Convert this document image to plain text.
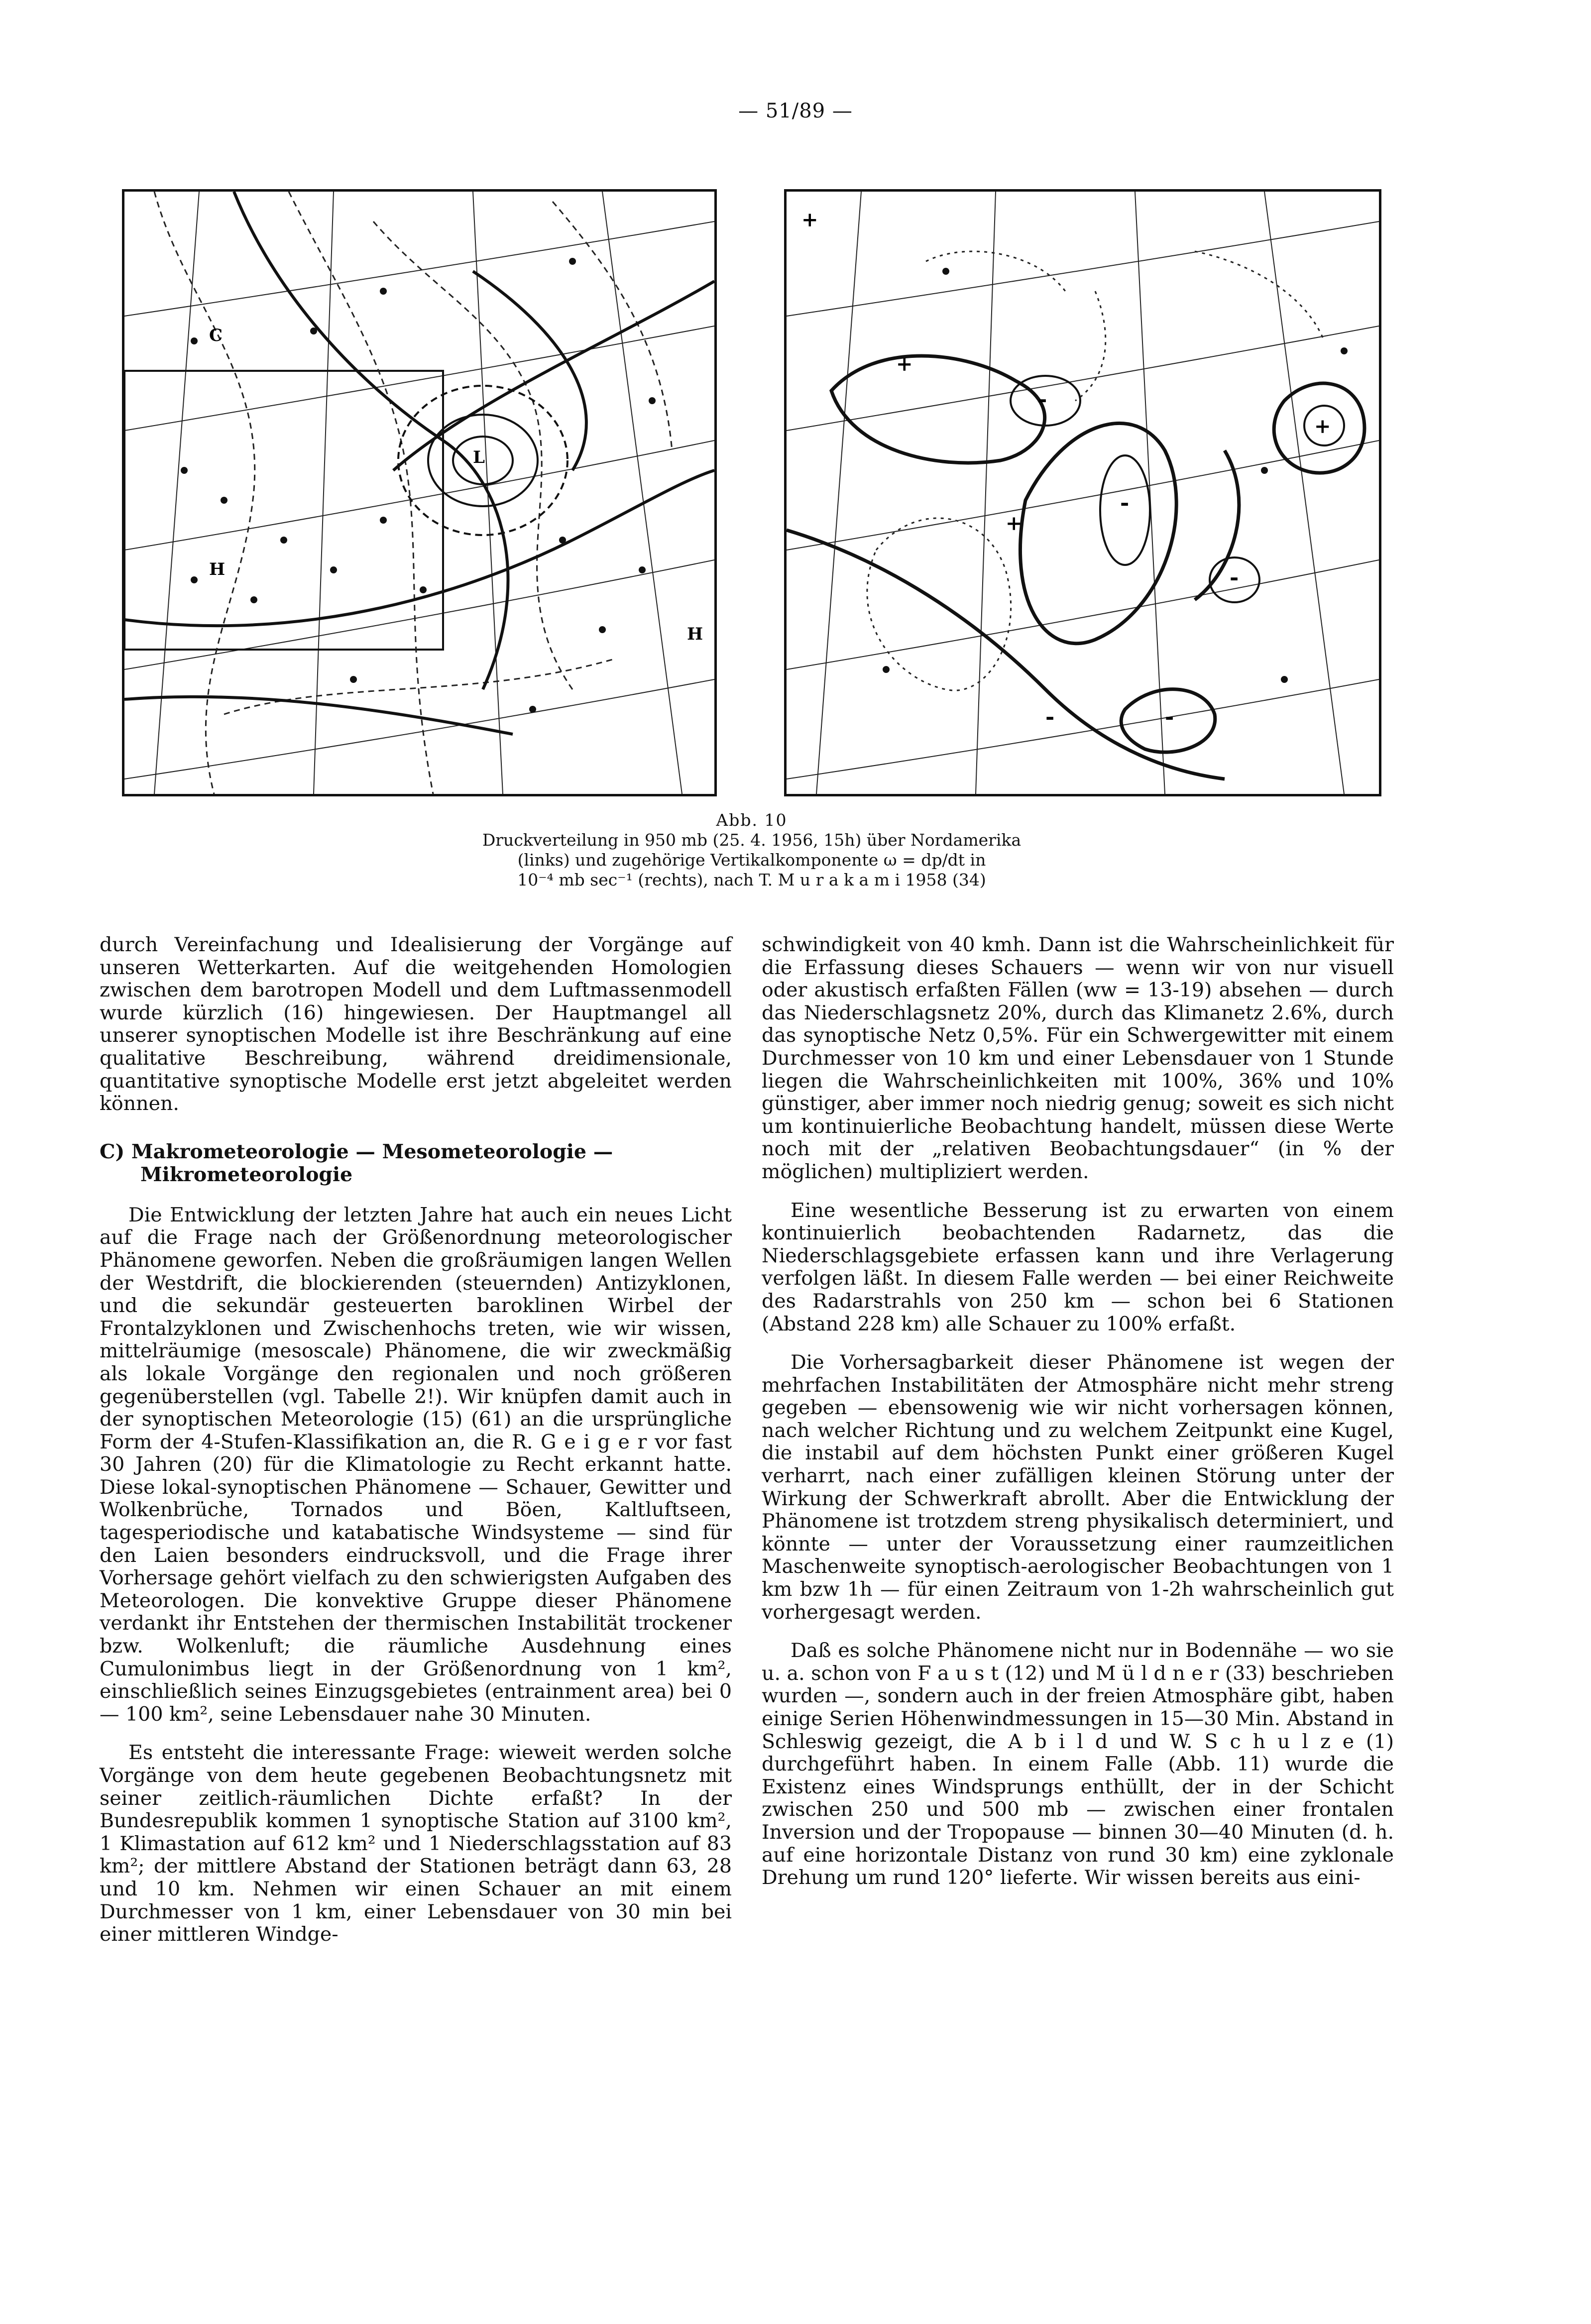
— 51/89 —
H
H
L
C
+
+
+
+
-
-
-
-
-
Abb. 10
Druckverteilung in 950 mb (25. 4. 1956, 15h) über Nordamerika
(links) und zugehörige Vertikalkomponente ω = dp/dt in
10⁻⁴ mb sec⁻¹ (rechts), nach T. M u r a k a m i 1958 (34)

durch Vereinfachung und Idealisierung der Vorgänge auf unseren Wetterkarten. Auf die weitgehenden Homologien zwischen dem barotropen Modell und dem Luftmassenmodell wurde kürzlich (16) hingewiesen. Der Hauptmangel all unserer synoptischen Modelle ist ihre Beschränkung auf eine qualitative Beschreibung, während dreidimensionale, quantitative synoptische Modelle erst jetzt abgeleitet werden können.

C) Makrometeorologie — Mesometeorologie —
Mikrometeorologie

Die Entwicklung der letzten Jahre hat auch ein neues Licht auf die Frage nach der Größenordnung meteorologischer Phänomene geworfen. Neben die großräumigen langen Wellen der Westdrift, die blockierenden (steuernden) Antizyklonen, und die sekundär gesteuerten baroklinen Wirbel der Frontalzyklonen und Zwischenhochs treten, wie wir wissen, mittelräumige (mesoscale) Phänomene, die wir zweckmäßig als lokale Vorgänge den regionalen und noch größeren gegenüberstellen (vgl. Tabelle 2!). Wir knüpfen damit auch in der synoptischen Meteorologie (15) (61) an die ursprüngliche Form der 4-Stufen-Klassifikation an, die R. G e i g e r vor fast 30 Jahren (20) für die Klimatologie zu Recht erkannt hatte. Diese lokal-synoptischen Phänomene — Schauer, Gewitter und Wolkenbrüche, Tornados und Böen, Kaltluftseen, tagesperiodische und katabatische Windsysteme — sind für den Laien besonders eindrucksvoll, und die Frage ihrer Vorhersage gehört vielfach zu den schwierigsten Aufgaben des Meteorologen. Die konvektive Gruppe dieser Phänomene verdankt ihr Entstehen der thermischen Instabilität trockener bzw. Wolkenluft; die räumliche Ausdehnung eines Cumulonimbus liegt in der Größenordnung von 1 km², einschließlich seines Einzugsgebietes (entrainment area) bei 0 — 100 km², seine Lebensdauer nahe 30 Minuten.

Es entsteht die interessante Frage: wieweit werden solche Vorgänge von dem heute gegebenen Beobachtungsnetz mit seiner zeitlich-räumlichen Dichte erfaßt? In der Bundesrepublik kommen 1 synoptische Station auf 3100 km², 1 Klimastation auf 612 km² und 1 Niederschlagsstation auf 83 km²; der mittlere Abstand der Stationen beträgt dann 63, 28 und 10 km. Nehmen wir einen Schauer an mit einem Durchmesser von 1 km, einer Lebensdauer von 30 min bei einer mittleren Windge-

schwindigkeit von 40 kmh. Dann ist die Wahrscheinlichkeit für die Erfassung dieses Schauers — wenn wir von nur visuell oder akustisch erfaßten Fällen (ww = 13-19) absehen — durch das Niederschlagsnetz 20%, durch das Klimanetz 2.6%, durch das synoptische Netz 0,5%. Für ein Schwergewitter mit einem Durchmesser von 10 km und einer Lebensdauer von 1 Stunde liegen die Wahrscheinlichkeiten mit 100%, 36% und 10% günstiger, aber immer noch niedrig genug; soweit es sich nicht um kontinuierliche Beobachtung handelt, müssen diese Werte noch mit der „relativen Beobachtungsdauer“ (in % der möglichen) multipliziert werden.

Eine wesentliche Besserung ist zu erwarten von einem kontinuierlich beobachtenden Radarnetz, das die Niederschlagsgebiete erfassen kann und ihre Verlagerung verfolgen läßt. In diesem Falle werden — bei einer Reichweite des Radarstrahls von 250 km — schon bei 6 Stationen (Abstand 228 km) alle Schauer zu 100% erfaßt.

Die Vorhersagbarkeit dieser Phänomene ist wegen der mehrfachen Instabilitäten der Atmosphäre nicht mehr streng gegeben — ebensowenig wie wir nicht vorhersagen können, nach welcher Richtung und zu welchem Zeitpunkt eine Kugel, die instabil auf dem höchsten Punkt einer größeren Kugel verharrt, nach einer zufälligen kleinen Störung unter der Wirkung der Schwerkraft abrollt. Aber die Entwicklung der Phänomene ist trotzdem streng physikalisch determiniert, und könnte — unter der Voraussetzung einer raumzeitlichen Maschenweite synoptisch-aerologischer Beobachtungen von 1 km bzw 1h — für einen Zeitraum von 1-2h wahrscheinlich gut vorhergesagt werden.

Daß es solche Phänomene nicht nur in Bodennähe — wo sie u. a. schon von F a u s t (12) und M ü l d n e r (33) beschrieben wurden —, sondern auch in der freien Atmosphäre gibt, haben einige Serien Höhenwindmessungen in 15—30 Min. Abstand in Schleswig gezeigt, die A b i l d und W. S c h u l z e (1) durchgeführt haben. In einem Falle (Abb. 11) wurde die Existenz eines Windsprungs enthüllt, der in der Schicht zwischen 250 und 500 mb — zwischen einer frontalen Inversion und der Tropopause — binnen 30—40 Minuten (d. h. auf eine horizontale Distanz von rund 30 km) eine zyklonale Drehung um rund 120° lieferte. Wir wissen bereits aus eini-
